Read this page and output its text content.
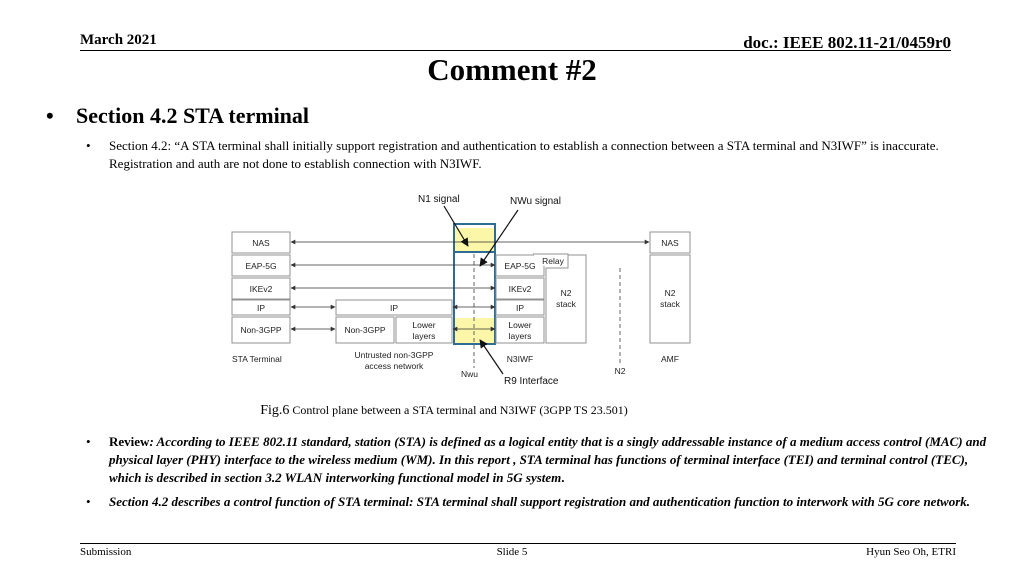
March 2021	doc.: IEEE 802.11-21/0459r0
Comment #2
•	Section 4.2 STA terminal
•	Section 4.2: “A STA terminal shall initially support registration and authentication to establish a connection between a STA terminal and N3IWF” is inaccurate. Registration and auth are not done to establish connection with N3IWF.
NAS
EAP-5G
IKEv2
IP
Non-3GPP
STA Terminal
IP
Non-3GPP	Lower
layers
Untrusted non-3GPP
access network
Relay
EAP-5G
IKEv2
IP
Lower
layers
N2
stack
N3IWF
NAS
N2
stack
AMF
N2
N1 signal	NWu signal
Nwu
R9 Interface
Fig.6 Control plane between a STA terminal and N3IWF (3GPP TS 23.501)
•	Review: According to IEEE 802.11 standard, station (STA) is defined as a logical entity that is a singly addressable instance of a medium access control (MAC) and physical layer (PHY) interface to the wireless medium (WM). In this report , STA terminal has functions of terminal interface (TEI) and terminal control (TEC), which is described in section 3.2 WLAN interworking functional model in 5G system.
•	Section 4.2 describes a control function of STA terminal: STA terminal shall support registration and authentication function to interwork with 5G core network.
Submission	Slide 5	Hyun Seo Oh, ETRI
